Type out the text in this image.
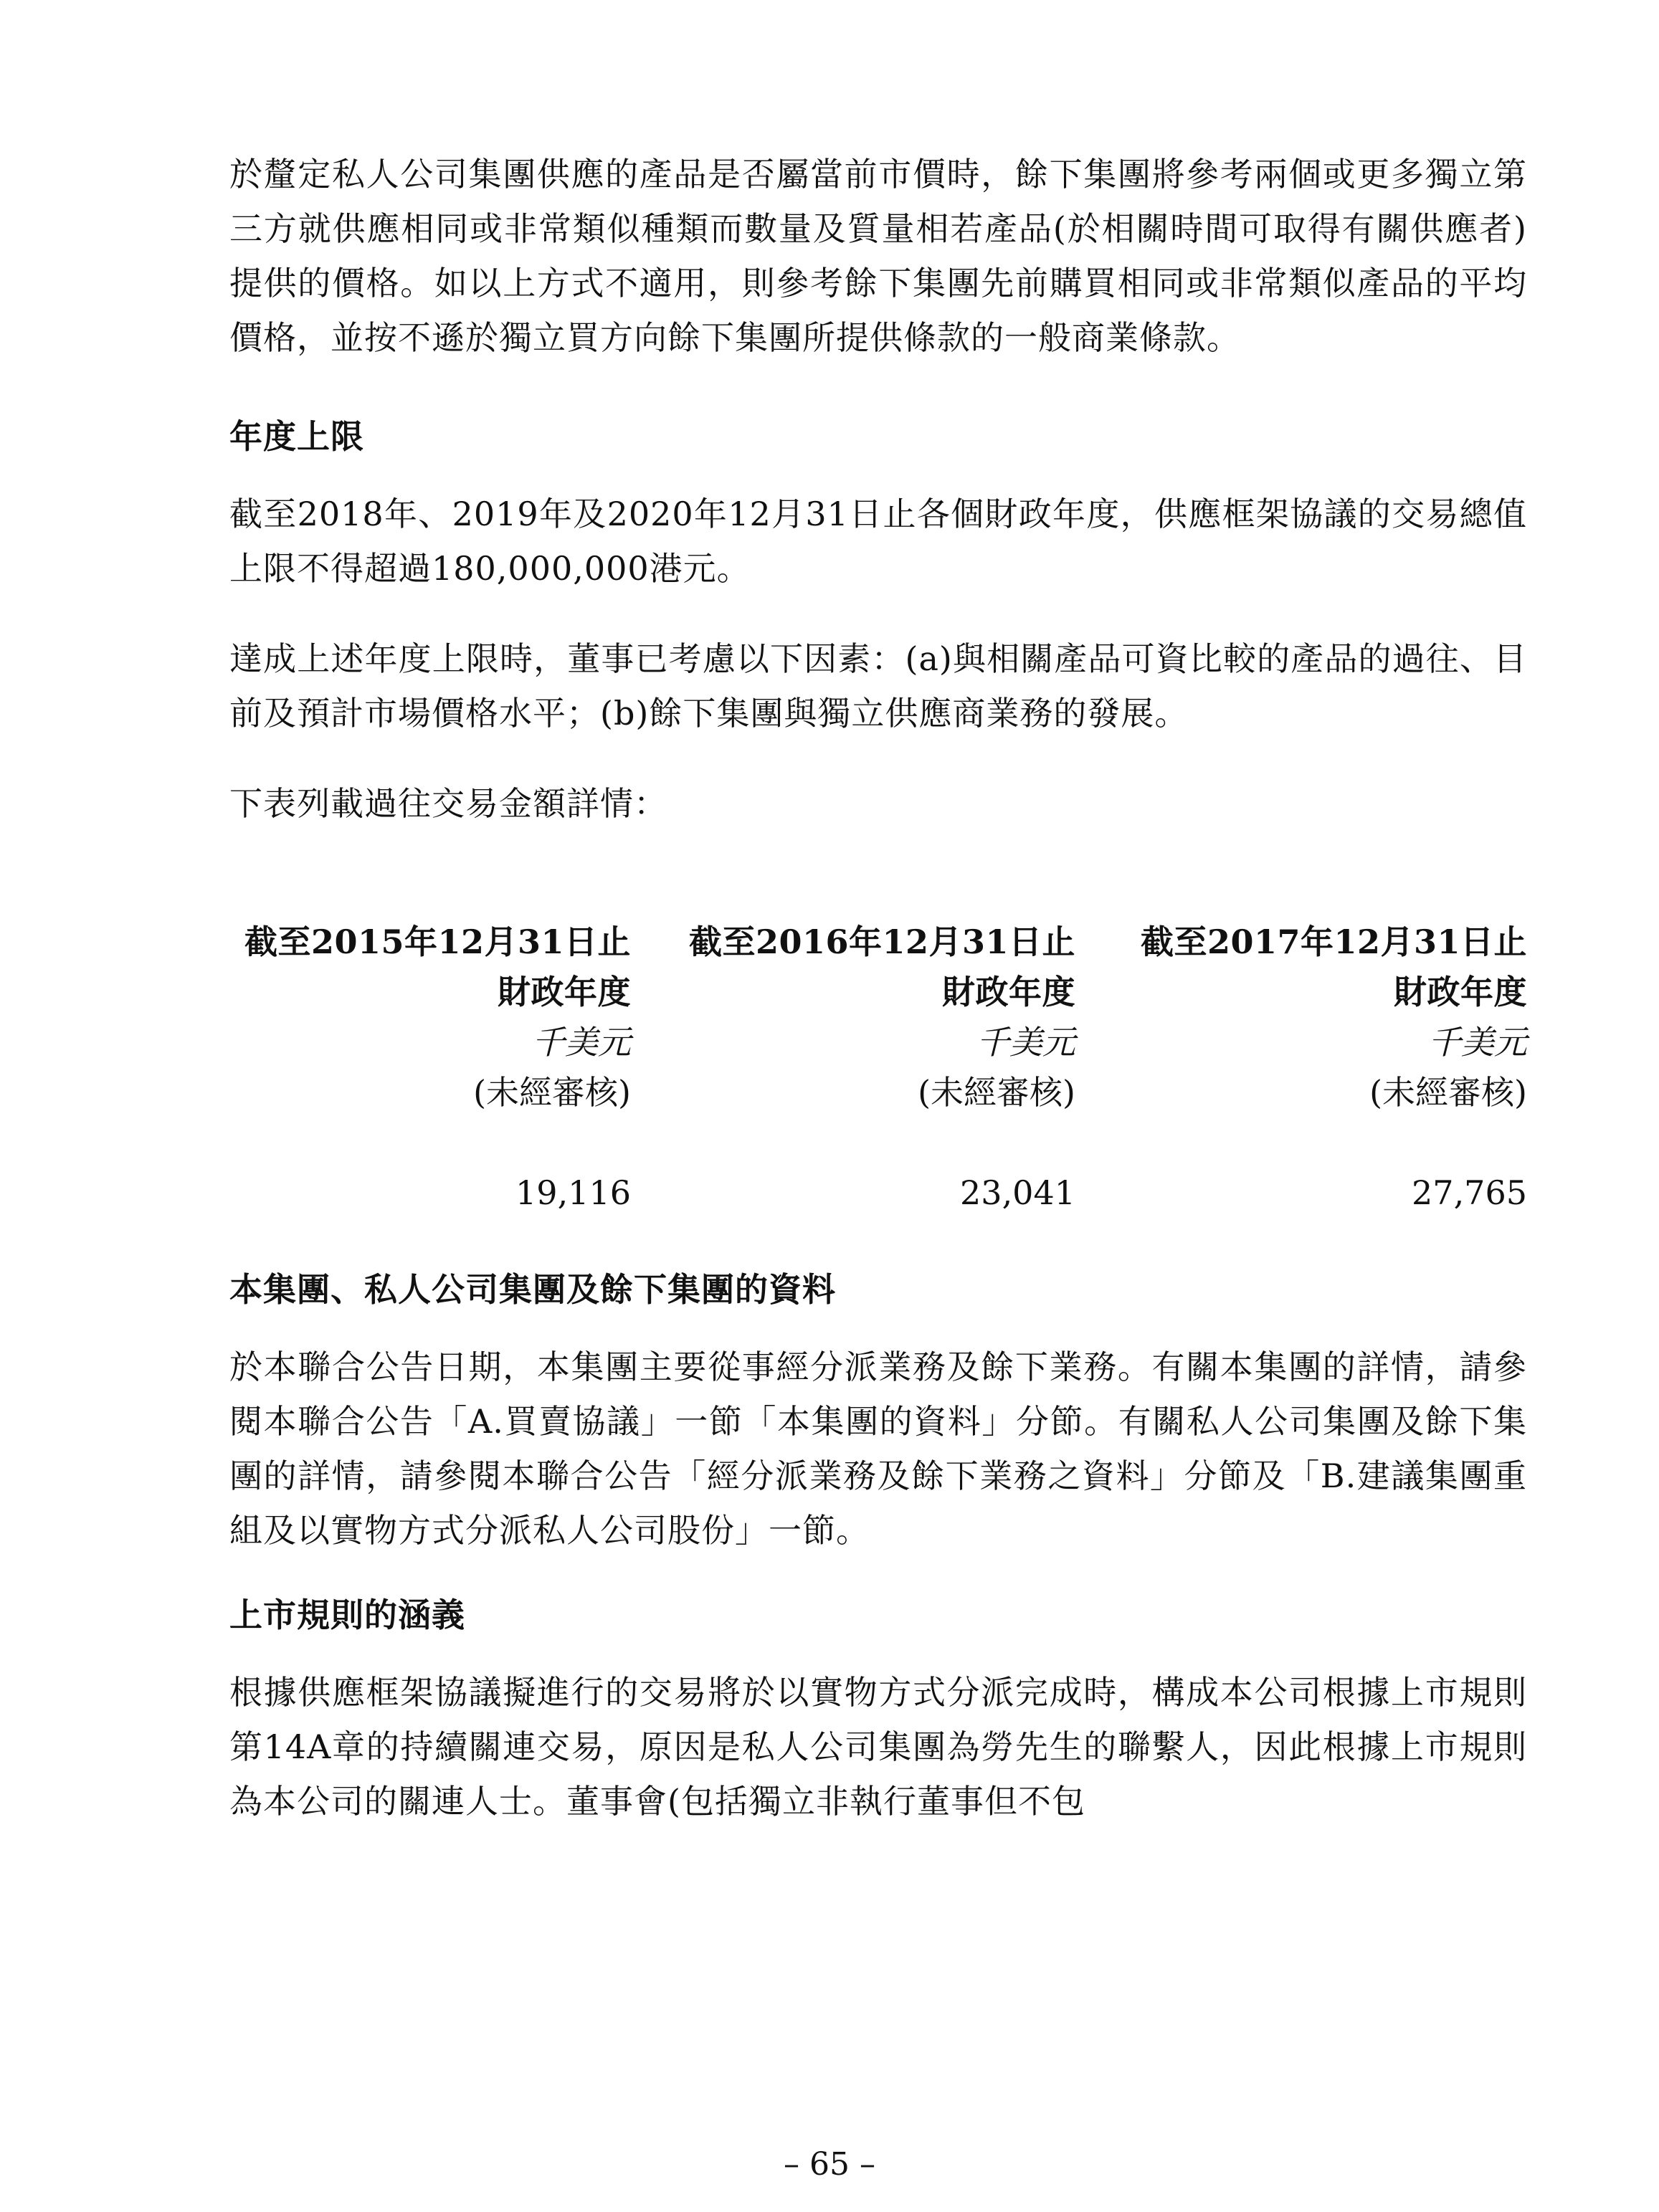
於釐定私人公司集團供應的產品是否屬當前市價時，餘下集團將參考兩個或更多獨立第三方就供應相同或非常類似種類而數量及質量相若產品(於相關時間可取得有關供應者)提供的價格。如以上方式不適用，則參考餘下集團先前購買相同或非常類似產品的平均價格，並按不遜於獨立買方向餘下集團所提供條款的一般商業條款。

年度上限

截至2018年、2019年及2020年12月31日止各個財政年度，供應框架協議的交易總值上限不得超過180,000,000港元。

達成上述年度上限時，董事已考慮以下因素：(a)與相關產品可資比較的產品的過往、目前及預計市場價格水平；(b)餘下集團與獨立供應商業務的發展。

下表列載過往交易金額詳情：

截至2015年12月31日止
財政年度
千美元
(未經審核)
19,116
截至2016年12月31日止
財政年度
千美元
(未經審核)
23,041
截至2017年12月31日止
財政年度
千美元
(未經審核)
27,765
本集團、私人公司集團及餘下集團的資料

於本聯合公告日期，本集團主要從事經分派業務及餘下業務。有關本集團的詳情，請參閱本聯合公告「A.買賣協議」一節「本集團的資料」分節。有關私人公司集團及餘下集團的詳情，請參閱本聯合公告「經分派業務及餘下業務之資料」分節及「B.建議集團重組及以實物方式分派私人公司股份」一節。

上市規則的涵義

根據供應框架協議擬進行的交易將於以實物方式分派完成時，構成本公司根據上市規則第14A章的持續關連交易，原因是私人公司集團為勞先生的聯繫人，因此根據上市規則為本公司的關連人士。董事會(包括獨立非執行董事但不包

– 65 –
